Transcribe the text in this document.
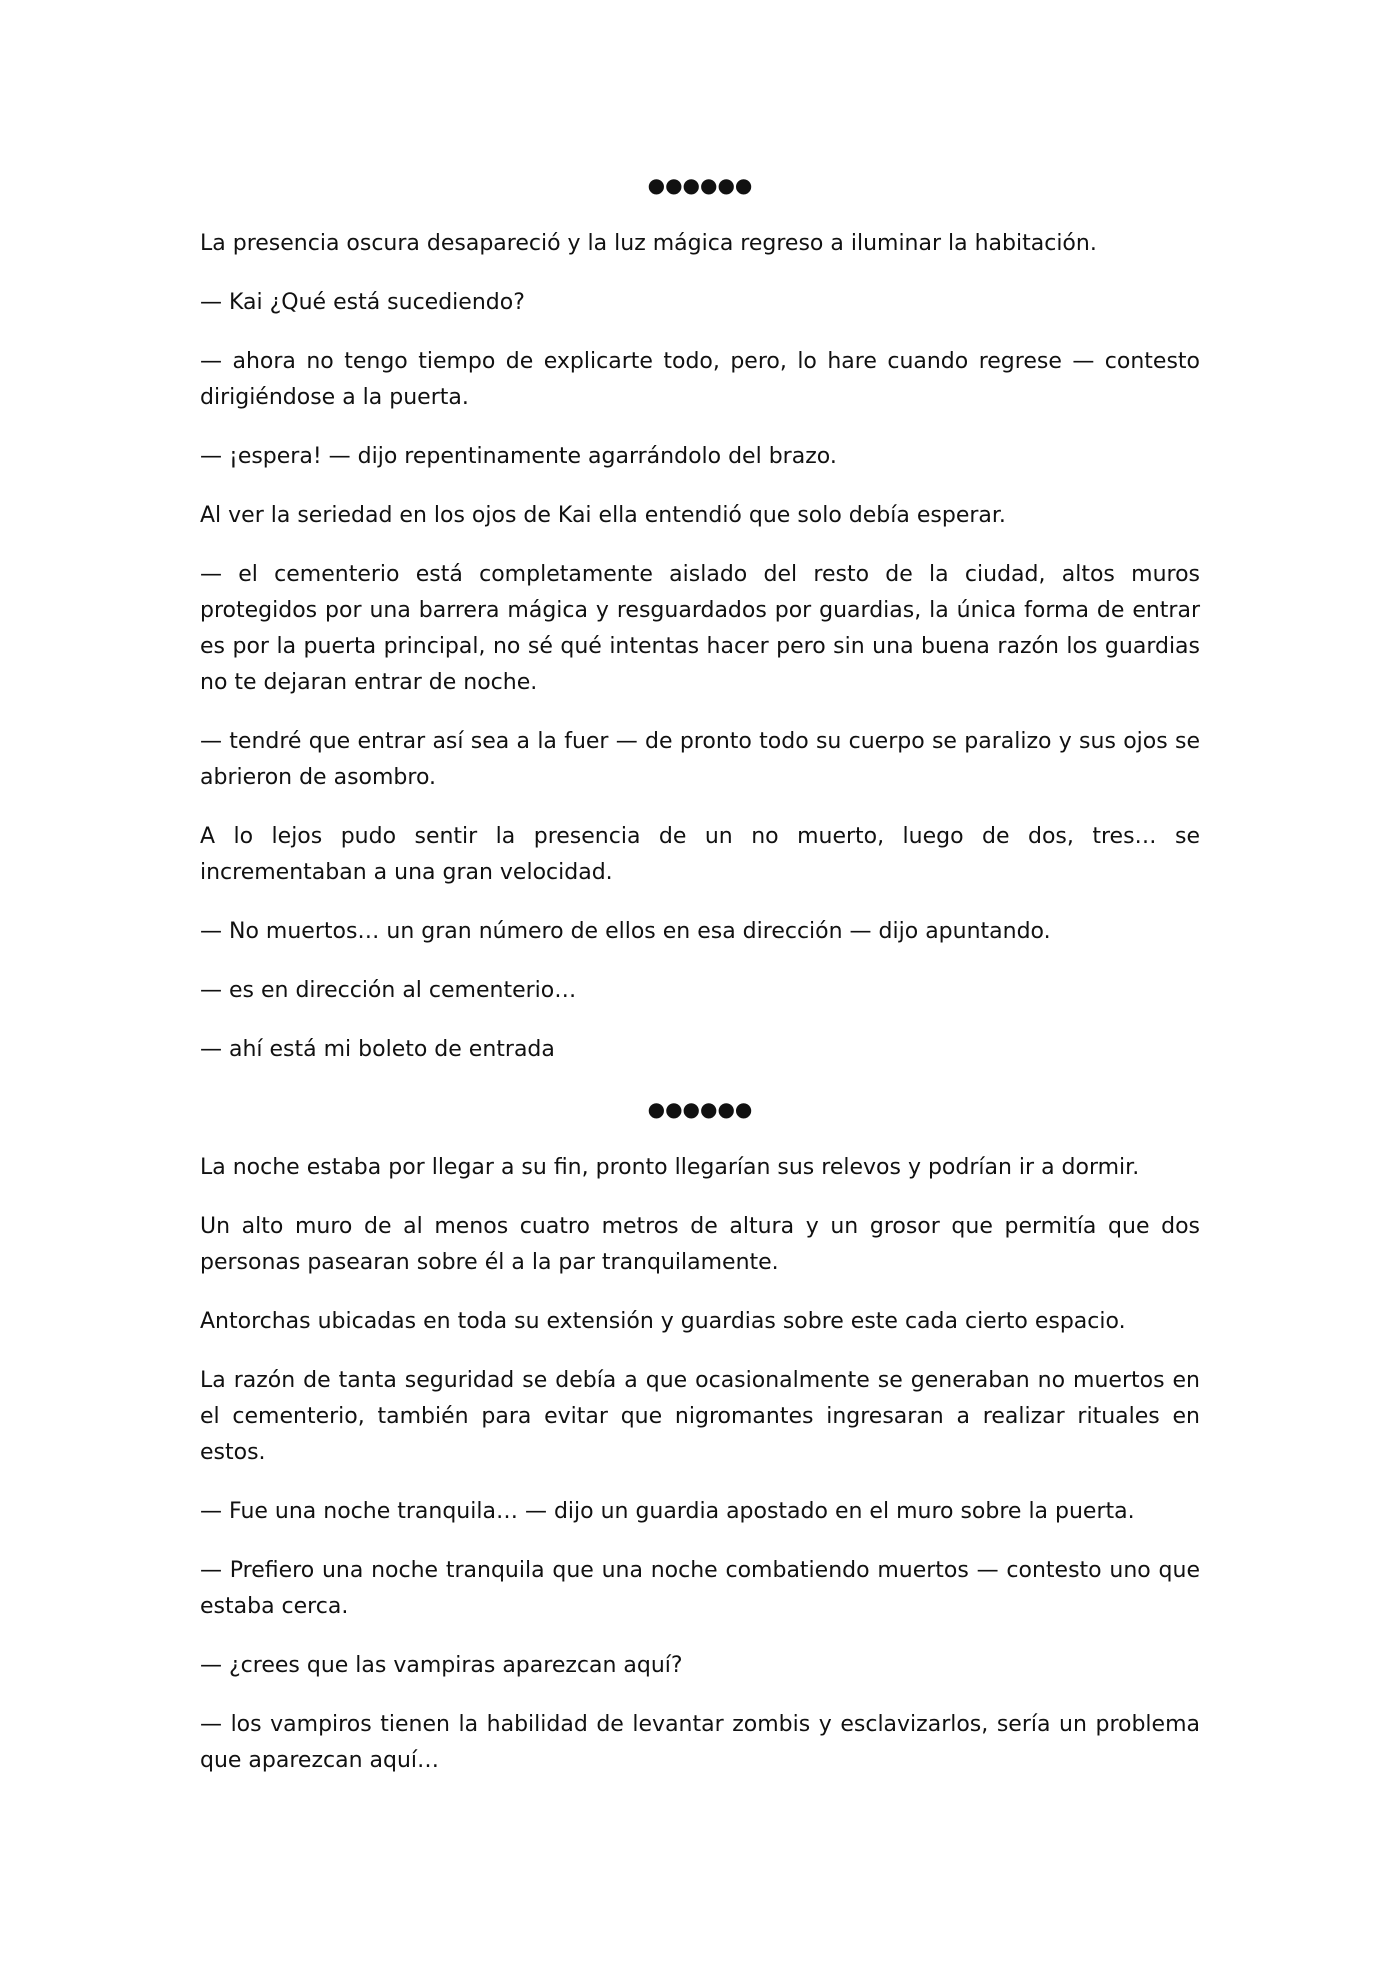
●●●●●●

La presencia oscura desapareció y la luz mágica regreso a iluminar la habitación.

— Kai ¿Qué está sucediendo?

— ahora no tengo tiempo de explicarte todo, pero, lo hare cuando regrese — contesto dirigiéndose a la puerta.

— ¡espera! — dijo repentinamente agarrándolo del brazo.

Al ver la seriedad en los ojos de Kai ella entendió que solo debía esperar.

— el cementerio está completamente aislado del resto de la ciudad, altos muros protegidos por una barrera mágica y resguardados por guardias, la única forma de entrar es por la puerta principal, no sé qué intentas hacer pero sin una buena razón los guardias no te dejaran entrar de noche.

— tendré que entrar así sea a la fuer — de pronto todo su cuerpo se paralizo y sus ojos se abrieron de asombro.

A lo lejos pudo sentir la presencia de un no muerto, luego de dos, tres… se incrementaban a una gran velocidad.

— No muertos… un gran número de ellos en esa dirección — dijo apuntando.

— es en dirección al cementerio…

— ahí está mi boleto de entrada

●●●●●●

La noche estaba por llegar a su fin, pronto llegarían sus relevos y podrían ir a dormir.

Un alto muro de al menos cuatro metros de altura y un grosor que permitía que dos personas pasearan sobre él a la par tranquilamente.

Antorchas ubicadas en toda su extensión y guardias sobre este cada cierto espacio.

La razón de tanta seguridad se debía a que ocasionalmente se generaban no muertos en el cementerio, también para evitar que nigromantes ingresaran a realizar rituales en estos.

— Fue una noche tranquila… — dijo un guardia apostado en el muro sobre la puerta.

— Prefiero una noche tranquila que una noche combatiendo muertos — contesto uno que estaba cerca.

— ¿crees que las vampiras aparezcan aquí?

— los vampiros tienen la habilidad de levantar zombis y esclavizarlos, sería un problema que aparezcan aquí…
